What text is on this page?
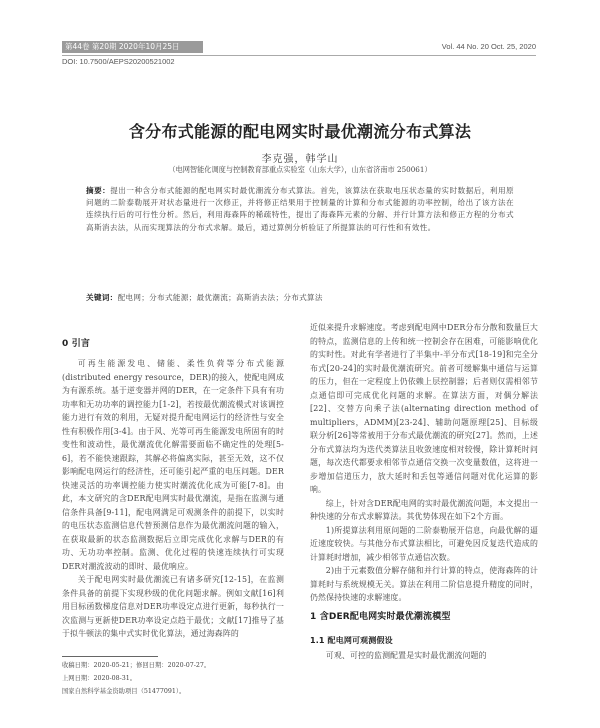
第44卷 第20期 2020年10月25日	Vol. 44 No. 20 Oct. 25, 2020
DOI: 10.7500/AEPS20200521002
含分布式能源的配电网实时最优潮流分布式算法
李克强，韩学山
（电网智能化调度与控制教育部重点实验室（山东大学），山东省济南市 250061）
摘要：提出一种含分布式能源的配电网实时最优潮流分布式算法。首先，该算法在获取电压状态量的实时数据后，利用原问题的二阶泰勒展开对状态量进行一次修正，并将修正结果用于控制量的计算和分布式能源的功率控制，给出了该方法在连续执行后的可行性分析。然后，利用海森阵的稀疏特性，提出了海森阵元素的分解、并行计算方法和修正方程的分布式高斯消去法，从而实现算法的分布式求解。最后，通过算例分析验证了所提算法的可行性和有效性。
关键词：配电网；分布式能源；最优潮流；高斯消去法；分布式算法
0 引言

可再生能源发电、储能、柔性负荷等分布式能源(distributed energy resource，DER)的接入，使配电网成为有源系统。基于逆变器并网的DER，在一定条件下具有有功功率和无功功率的调控能力[1-2]，若按最优潮流模式对该调控能力进行有效的利用，无疑对提升配电网运行的经济性与安全性有积极作用[3-4]。由于风、光等可再生能源发电所固有的时变性和波动性，最优潮流优化解需要面临不确定性的处理[5-6]，若不能快速跟踪，其解必将偏离实际，甚至无效，这不仅影响配电网运行的经济性，还可能引起严重的电压问题。DER快速灵活的功率调控能力使实时潮流优化成为可能[7-8]。由此，本文研究的含DER配电网实时最优潮流，是指在监测与通信条件具备[9-11]，配电网满足可观测条件的前提下，以实时的电压状态监测信息代替预测信息作为最优潮流问题的输入，在获取最新的状态监测数据后立即完成优化求解与DER的有功、无功功率控制。监测、优化过程的快速连续执行可实现DER对潮流波动的即时、最优响应。

关于配电网实时最优潮流已有诸多研究[12-15]，在监测条件具备的前提下实现秒级的优化问题求解。例如文献[16]利用目标函数梯度信息对DER功率设定点进行更新，每秒执行一次监测与更新使DER功率设定点趋于最优；文献[17]推导了基于拟牛顿法的集中式实时优化算法，通过海森阵的

近似来提升求解速度。考虑到配电网中DER分布分散和数量巨大的特点，监测信息的上传和统一控制会存在困难，可能影响优化的实时性。对此有学者进行了半集中-半分布式[18-19]和完全分布式[20-24]的实时最优潮流研究。前者可缓解集中通信与运算的压力，但在一定程度上仍依赖上层控制器；后者则仅需相邻节点通信即可完成优化问题的求解。在算法方面，对偶分解法[22]、交替方向乘子法(alternating direction method of multipliers，ADMM)[23-24]、辅助问题原理[25]、目标级联分析[26]等常被用于分布式最优潮流的研究[27]。然而，上述分布式算法均为迭代类算法且收敛速度相对较慢，除计算耗时问题，每次迭代都要求相邻节点通信交换一次变量数值，这将进一步增加信道压力，放大延时和丢包等通信问题对优化运算的影响。

综上，针对含DER配电网的实时最优潮流问题，本文提出一种快速的分布式求解算法。其优势体现在如下2个方面。

1)所提算法利用原问题的二阶泰勒展开信息，向最优解的逼近速度较快。与其他分布式算法相比，可避免因反复迭代造成的计算耗时增加，减少相邻节点通信次数。

2)由于元素数值分解存储和并行计算的特点，使海森阵的计算耗时与系统规模无关。算法在利用二阶信息提升精度的同时，仍然保持快速的求解速度。

1 含DER配电网实时最优潮流模型
1.1 配电网可观测假设

可观、可控的监测配置是实时最优潮流问题的

收稿日期：2020-05-21；修回日期：2020-07-27。
上网日期：2020-08-31。
国家自然科学基金资助项目（51477091）。
